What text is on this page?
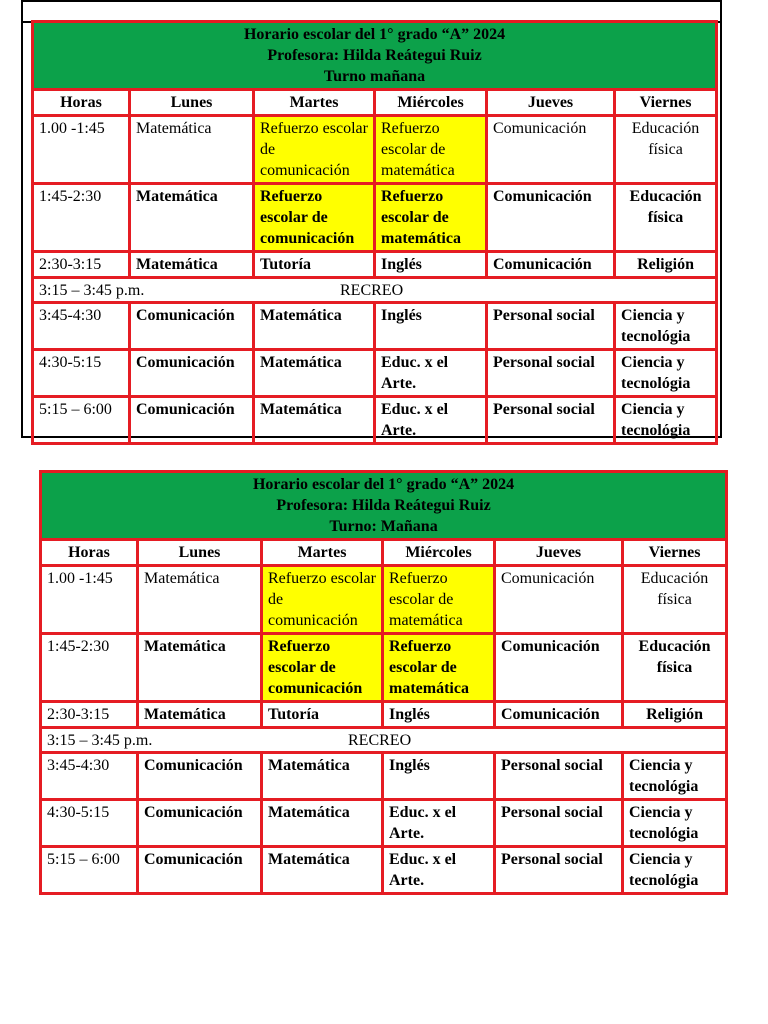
Horario escolar del 1° grado “A” 2024
Profesora: Hilda Reátegui Ruiz
Turno mañana					

Horas	Lunes	Martes	Miércoles	Jueves	Viernes
1.00 -1:45	Matemática	Refuerzo escolar de comunicación	Refuerzo escolar de matemática	Comunicación	Educación física
1:45-2:30	Matemática	Refuerzo escolar de comunicación	Refuerzo escolar de matemática	Comunicación	Educación física
2:30-3:15	Matemática	Tutoría	Inglés	Comunicación	Religión

3:15 – 3:45 p.m. RECREO					

3:45-4:30	Comunicación	Matemática	Inglés	Personal social	Ciencia y tecnológia
4:30-5:15	Comunicación	Matemática	Educ. x el Arte.	Personal social	Ciencia y tecnológia
5:15 – 6:00	Comunicación	Matemática	Educ. x el Arte.	Personal social	Ciencia y tecnológia
Horario escolar del 1° grado “A” 2024
Profesora: Hilda Reátegui Ruiz
Turno: Mañana					

Horas	Lunes	Martes	Miércoles	Jueves	Viernes
1.00 -1:45	Matemática	Refuerzo escolar de comunicación	Refuerzo escolar de matemática	Comunicación	Educación física
1:45-2:30	Matemática	Refuerzo escolar de comunicación	Refuerzo escolar de matemática	Comunicación	Educación física
2:30-3:15	Matemática	Tutoría	Inglés	Comunicación	Religión

3:15 – 3:45 p.m. RECREO					

3:45-4:30	Comunicación	Matemática	Inglés	Personal social	Ciencia y tecnológia
4:30-5:15	Comunicación	Matemática	Educ. x el Arte.	Personal social	Ciencia y tecnológia
5:15 – 6:00	Comunicación	Matemática	Educ. x el Arte.	Personal social	Ciencia y tecnológia
